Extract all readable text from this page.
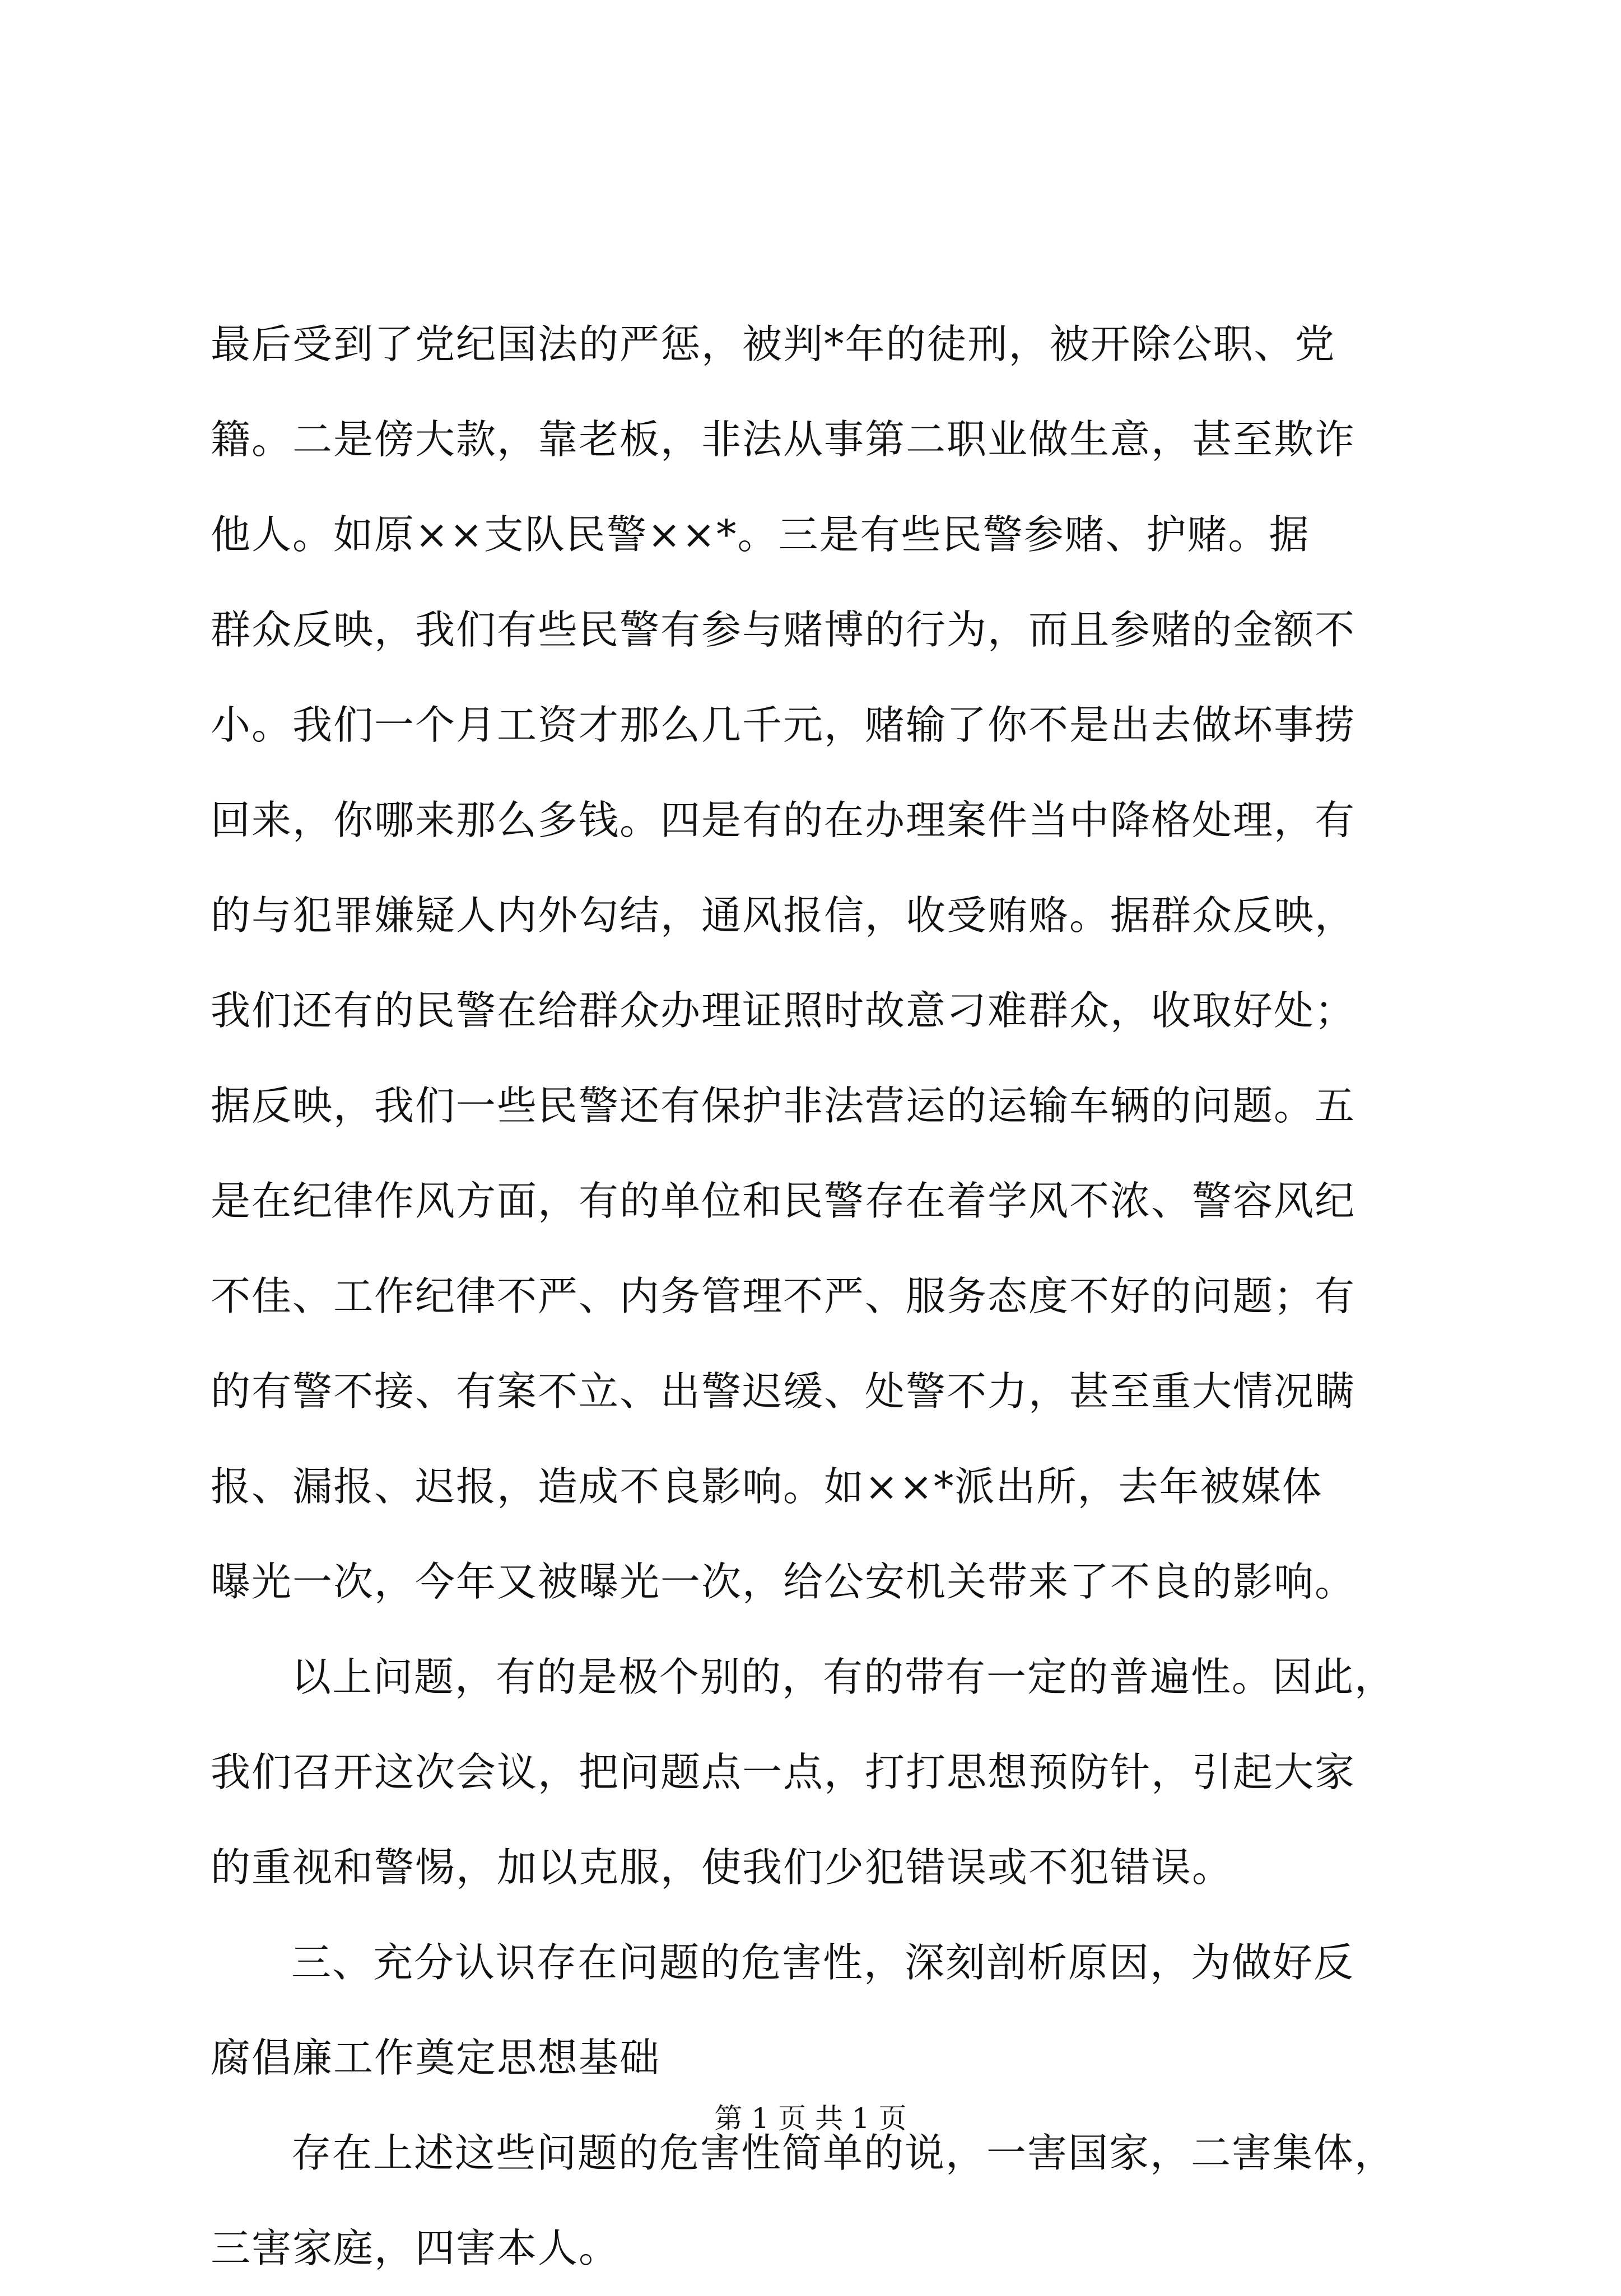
最后受到了党纪国法的严惩，被判*年的徒刑，被开除公职、党
籍。二是傍大款，靠老板，非法从事第二职业做生意，甚至欺诈
他人。如原××支队民警××*。三是有些民警参赌、护赌。据
群众反映，我们有些民警有参与赌博的行为，而且参赌的金额不
小。我们一个月工资才那么几千元，赌输了你不是出去做坏事捞
回来，你哪来那么多钱。四是有的在办理案件当中降格处理，有
的与犯罪嫌疑人内外勾结，通风报信，收受贿赂。据群众反映，
我们还有的民警在给群众办理证照时故意刁难群众，收取好处；
据反映，我们一些民警还有保护非法营运的运输车辆的问题。五
是在纪律作风方面，有的单位和民警存在着学风不浓、警容风纪
不佳、工作纪律不严、内务管理不严、服务态度不好的问题；有
的有警不接、有案不立、出警迟缓、处警不力，甚至重大情况瞒
报、漏报、迟报，造成不良影响。如××*派出所，去年被媒体
曝光一次，今年又被曝光一次，给公安机关带来了不良的影响。
以上问题，有的是极个别的，有的带有一定的普遍性。因此，
我们召开这次会议，把问题点一点，打打思想预防针，引起大家
的重视和警惕，加以克服，使我们少犯错误或不犯错误。
三、充分认识存在问题的危害性，深刻剖析原因，为做好反
腐倡廉工作奠定思想基础
存在上述这些问题的危害性简单的说，一害国家，二害集体，
三害家庭，四害本人。
第 1 页 共 1 页
